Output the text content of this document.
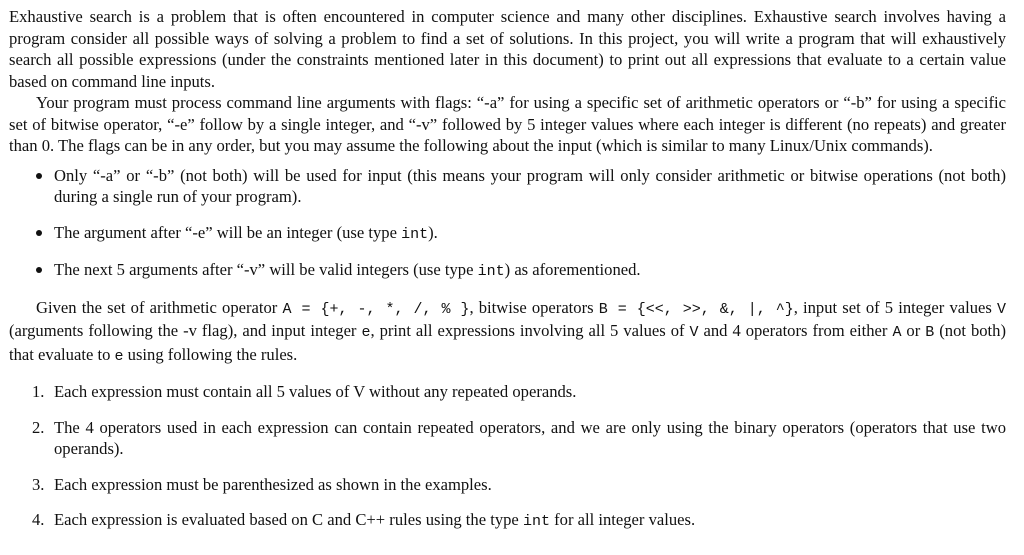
Exhaustive search is a problem that is often encountered in computer science and many other disciplines. Exhaustive search involves having a program consider all possible ways of solving a problem to find a set of solutions. In this project, you will write a program that will exhaustively search all possible expressions (under the constraints mentioned later in this document) to print out all expressions that evaluate to a certain value based on command line inputs.

Your program must process command line arguments with flags: “-a” for using a specific set of arithmetic operators or “-b” for using a specific set of bitwise operator, “-e” follow by a single integer, and “-v” followed by 5 integer values where each integer is different (no repeats) and greater than 0. The flags can be in any order, but you may assume the following about the input (which is similar to many Linux/Unix commands).

Only “-a” or “-b” (not both) will be used for input (this means your program will only consider arithmetic or bitwise operations (not both) during a single run of your program).
The argument after “-e” will be an integer (use type int).
The next 5 arguments after “-v” will be valid integers (use type int) as aforementioned.

Given the set of arithmetic operator A = {+, -, *, /, % }, bitwise operators B = {<<, >>, &, |, ^}, input set of 5 integer values V (arguments following the -v flag), and input integer e, print all expressions involving all 5 values of V and 4 operators from either A or B (not both) that evaluate to e using following the rules.

1. Each expression must contain all 5 values of V without any repeated operands.
2. The 4 operators used in each expression can contain repeated operators, and we are only using the binary operators (operators that use two operands).
3. Each expression must be parenthesized as shown in the examples.
4. Each expression is evaluated based on C and C++ rules using the type int for all integer values.
